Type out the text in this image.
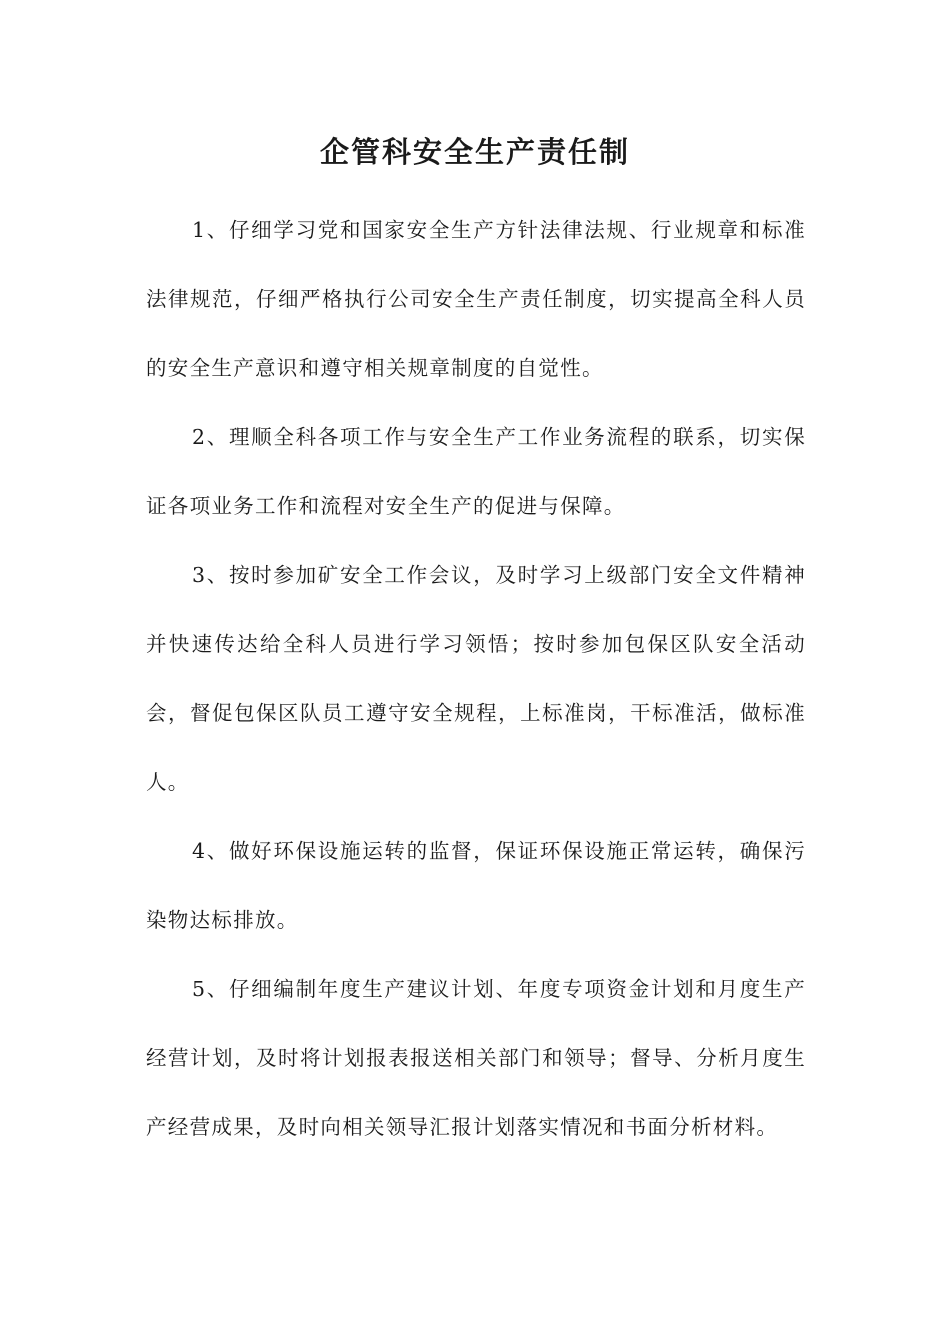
企管科安全生产责任制

1、仔细学习党和国家安全生产方针法律法规、行业规章和标准法律规范，仔细严格执行公司安全生产责任制度，切实提高全科人员的安全生产意识和遵守相关规章制度的自觉性。

2、理顺全科各项工作与安全生产工作业务流程的联系，切实保证各项业务工作和流程对安全生产的促进与保障。

3、按时参加矿安全工作会议，及时学习上级部门安全文件精神并快速传达给全科人员进行学习领悟；按时参加包保区队安全活动会，督促包保区队员工遵守安全规程，上标准岗，干标准活，做标准人。

4、做好环保设施运转的监督，保证环保设施正常运转，确保污染物达标排放。

5、仔细编制年度生产建议计划、年度专项资金计划和月度生产经营计划，及时将计划报表报送相关部门和领导；督导、分析月度生产经营成果，及时向相关领导汇报计划落实情况和书面分析材料。
